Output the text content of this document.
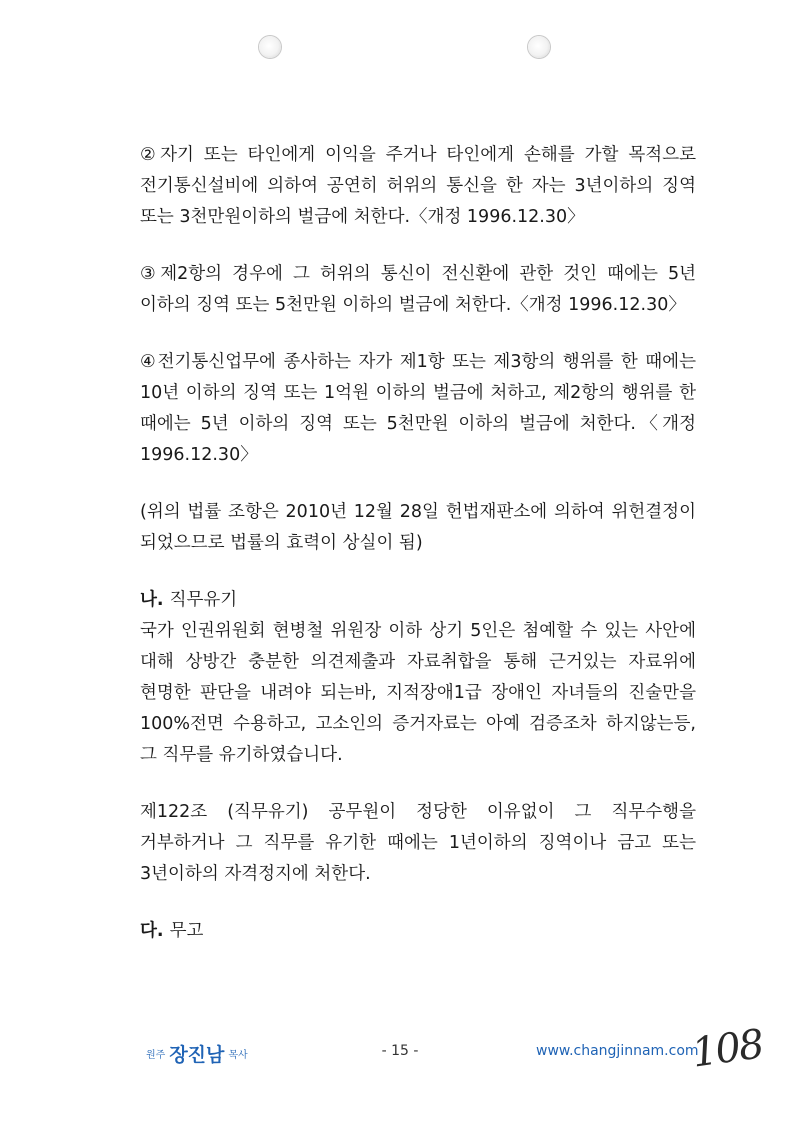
②자기 또는 타인에게 이익을 주거나 타인에게 손해를 가할 목적으로 전기통신설비에 의하여 공연히 허위의 통신을 한 자는 3년이하의 징역 또는 3천만원이하의 벌금에 처한다.〈개정 1996.12.30〉

③제2항의 경우에 그 허위의 통신이 전신환에 관한 것인 때에는 5년 이하의 징역 또는 5천만원 이하의 벌금에 처한다.〈개정 1996.12.30〉

④전기통신업무에 종사하는 자가 제1항 또는 제3항의 행위를 한 때에는 10년 이하의 징역 또는 1억원 이하의 벌금에 처하고, 제2항의 행위를 한 때에는 5년 이하의 징역 또는 5천만원 이하의 벌금에 처한다.〈개정 1996.12.30〉

(위의 법률 조항은 2010년 12월 28일 헌법재판소에 의하여 위헌결정이 되었으므로 법률의 효력이 상실이 됨)

나. 직무유기

국가 인권위원회 현병철 위원장 이하 상기 5인은 첨예할 수 있는 사안에 대해 상방간 충분한 의견제출과 자료취합을 통해 근거있는 자료위에 현명한 판단을 내려야 되는바, 지적장애1급 장애인 자녀들의 진술만을 100%전면 수용하고, 고소인의 증거자료는 아예 검증조차 하지않는등, 그 직무를 유기하였습니다.

제122조 (직무유기) 공무원이 정당한 이유없이 그 직무수행을 거부하거나 그 직무를 유기한 때에는 1년이하의 징역이나 금고 또는 3년이하의 자격정지에 처한다.

다. 무고
원주 장진남 목사	- 15 -	www.changjinnam.com
108
